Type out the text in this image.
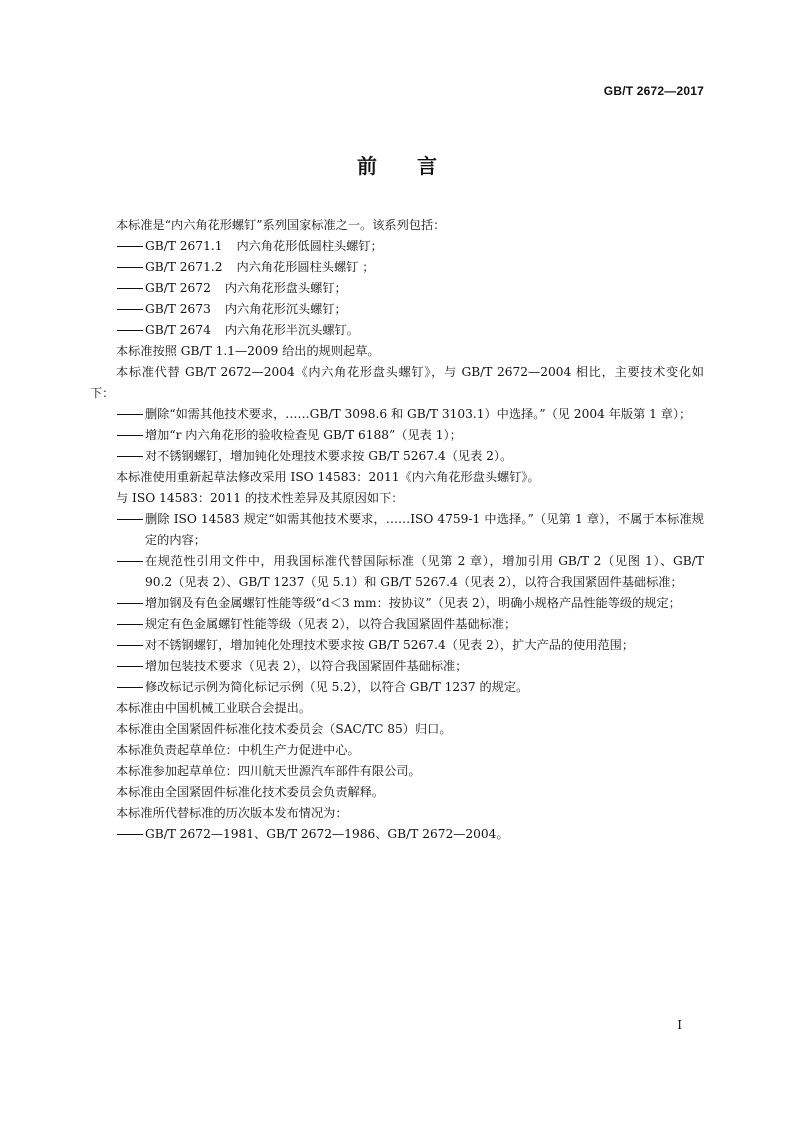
GB/T 2672—2017
前言

本标准是“内六角花形螺钉”系列国家标准之一。该系列包括：

GB/T 2671.1 内六角花形低圆柱头螺钉；

GB/T 2671.2 内六角花形圆柱头螺钉 ；

GB/T 2672 内六角花形盘头螺钉；

GB/T 2673 内六角花形沉头螺钉；

GB/T 2674 内六角花形半沉头螺钉。

本标准按照 GB/T 1.1—2009 给出的规则起草。

本标准代替 GB/T 2672—2004《内六角花形盘头螺钉》，与 GB/T 2672—2004 相比，主要技术变化如下：

删除“如需其他技术要求，……GB/T 3098.6 和 GB/T 3103.1）中选择。”（见 2004 年版第 1 章）；

增加“r 内六角花形的验收检查见 GB/T 6188”（见表 1）；

对不锈钢螺钉，增加钝化处理技术要求按 GB/T 5267.4（见表 2）。

本标准使用重新起草法修改采用 ISO 14583：2011《内六角花形盘头螺钉》。

与 ISO 14583：2011 的技术性差异及其原因如下：

删除 ISO 14583 规定“如需其他技术要求，……ISO 4759-1 中选择。”（见第 1 章），不属于本标准规定的内容；

在规范性引用文件中，用我国标准代替国际标准（见第 2 章），增加引用 GB/T 2（见图 1）、GB/T 90.2（见表 2）、GB/T 1237（见 5.1）和 GB/T 5267.4（见表 2），以符合我国紧固件基础标准；

增加钢及有色金属螺钉性能等级“d＜3 mm：按协议”（见表 2），明确小规格产品性能等级的规定；

规定有色金属螺钉性能等级（见表 2），以符合我国紧固件基础标准；

对不锈钢螺钉，增加钝化处理技术要求按 GB/T 5267.4（见表 2），扩大产品的使用范围；

增加包装技术要求（见表 2），以符合我国紧固件基础标准；

修改标记示例为简化标记示例（见 5.2），以符合 GB/T 1237 的规定。

本标准由中国机械工业联合会提出。

本标准由全国紧固件标准化技术委员会（SAC/TC 85）归口。

本标准负责起草单位：中机生产力促进中心。

本标准参加起草单位：四川航天世源汽车部件有限公司。

本标准由全国紧固件标准化技术委员会负责解释。

本标准所代替标准的历次版本发布情况为：

GB/T 2672—1981、GB/T 2672—1986、GB/T 2672—2004。

I
